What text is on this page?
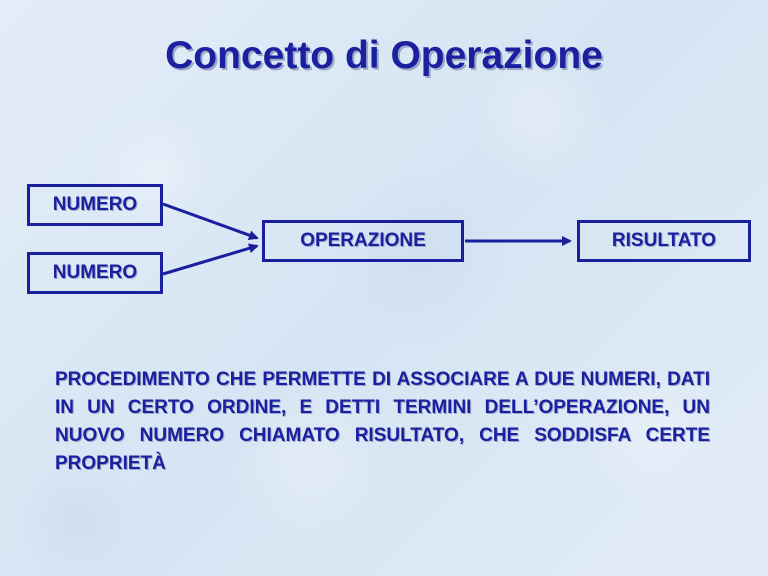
Concetto di Operazione
NUMERO
NUMERO
OPERAZIONE	RISULTATO
PROCEDIMENTO CHE PERMETTE DI ASSOCIARE A DUE NUMERI, DATI IN UN CERTO ORDINE, E DETTI TERMINI DELL’OPERAZIONE, UN NUOVO NUMERO CHIAMATO RISULTATO, CHE SODDISFA CERTE PROPRIETÀ
